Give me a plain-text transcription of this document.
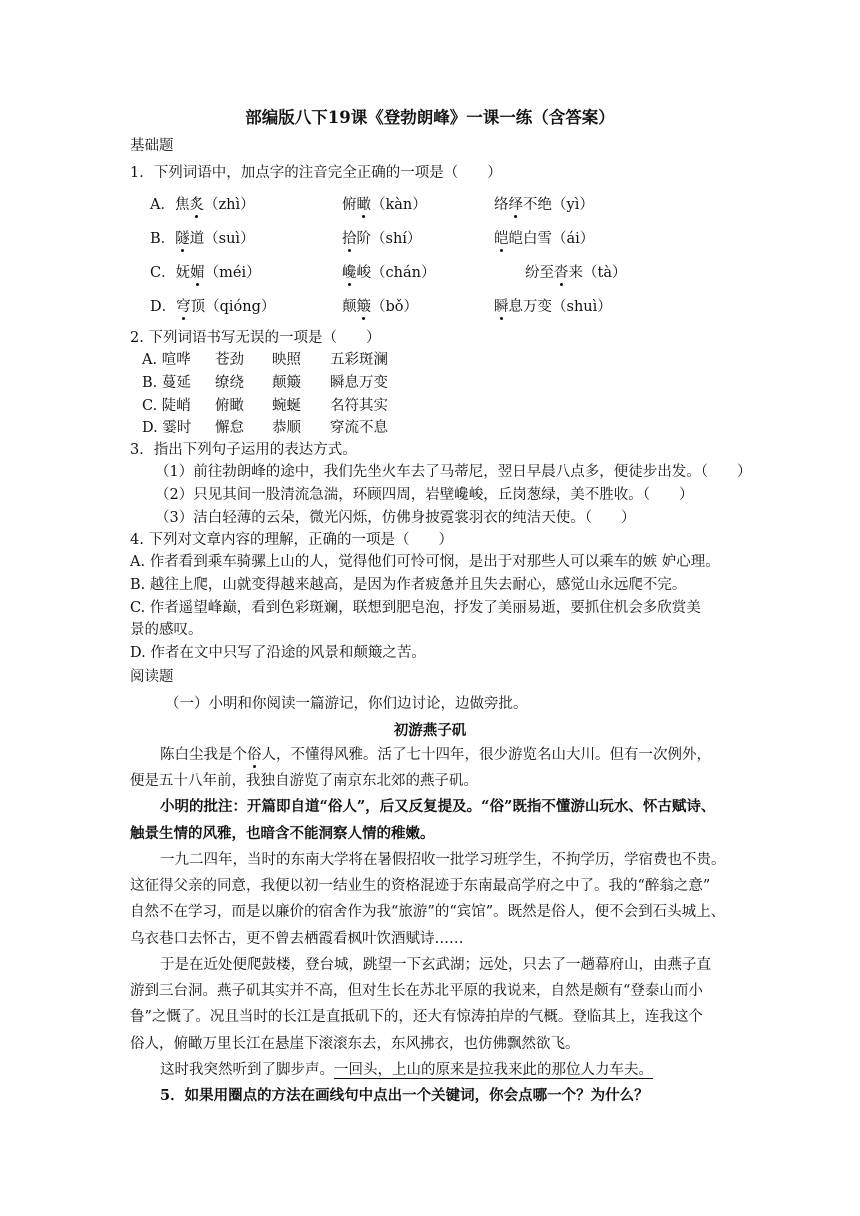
部编版八下19课《登勃朗峰》一课一练（含答案）
基础题
1．下列词语中，加点字的注音完全正确的一项是（　　）
A．焦炙（zhì）	俯瞰（kàn）	络绎不绝（yì）
B．隧道（suì）	拾阶（shí）	皑皑白雪（ái）
C．妩媚（méi）	巉峻（chán）	纷至沓来（tà）
D．穹顶（qióng）	颠簸（bǒ）	瞬息万变（shuì）
2. 下列词语书写无误的一项是（　　）
A. 喧哗 苍劲 映照 五彩斑澜
B. 蔓延 缭绕 颠簸 瞬息万变
C. 陡峭 俯瞰 蜿蜒 名符其实
D. 霎时 懈怠 恭顺 穿流不息
3．指出下列句子运用的表达方式。
（1）前往勃朗峰的途中，我们先坐火车去了马蒂尼，翌日早晨八点多，便徒步出发。（　　）
（2）只见其间一股清流急湍，环顾四周，岩壁巉峻，丘岗葱绿，美不胜收。（　　）
（3）洁白轻薄的云朵，微光闪烁，仿佛身披霓裳羽衣的纯洁天使。（　　）
4. 下列对文章内容的理解，正确的一项是（　　）
A. 作者看到乘车骑骡上山的人，觉得他们可怜可悯，是出于对那些人可以乘车的嫉 妒心理。
B. 越往上爬，山就变得越来越高，是因为作者疲惫并且失去耐心，感觉山永远爬不完。
C. 作者遥望峰巅，看到色彩斑斓，联想到肥皂泡，抒发了美丽易逝，要抓住机会多欣赏美
景的感叹。
D. 作者在文中只写了沿途的风景和颠簸之苦。
阅读题
（一）小明和你阅读一篇游记，你们边讨论，边做旁批。
初游燕子矶
陈白尘我是个俗人，不懂得风雅。活了七十四年，很少游览名山大川。但有一次例外，
便是五十八年前，我独自游览了南京东北郊的燕子矶。
小明的批注：开篇即自道“俗人”，后又反复提及。“俗”既指不懂游山玩水、怀古赋诗、
触景生情的风雅，也暗含不能洞察人情的稚嫩。
一九二四年，当时的东南大学将在暑假招收一批学习班学生，不拘学历，学宿费也不贵。
这征得父亲的同意，我便以初一结业生的资格混迹于东南最高学府之中了。我的“醉翁之意”
自然不在学习，而是以廉价的宿舍作为我“旅游”的“宾馆”。既然是俗人，便不会到石头城上、
乌衣巷口去怀古，更不曾去栖霞看枫叶饮酒赋诗……
于是在近处便爬鼓楼，登台城，跳望一下玄武湖；远处，只去了一趟幕府山，由燕子直
游到三台洞。燕子矶其实并不高，但对生长在苏北平原的我说来，自然是颇有“登泰山而小
鲁”之慨了。况且当时的长江是直抵矶下的，还大有惊涛拍岸的气概。登临其上，连我这个
俗人，俯瞰万里长江在悬崖下滚滚东去，东风拂衣，也仿佛飘然欲飞。
这时我突然听到了脚步声。一回头，上山的原来是拉我来此的那位人力车夫。
5．如果用圈点的方法在画线句中点出一个关键词，你会点哪一个？为什么？
